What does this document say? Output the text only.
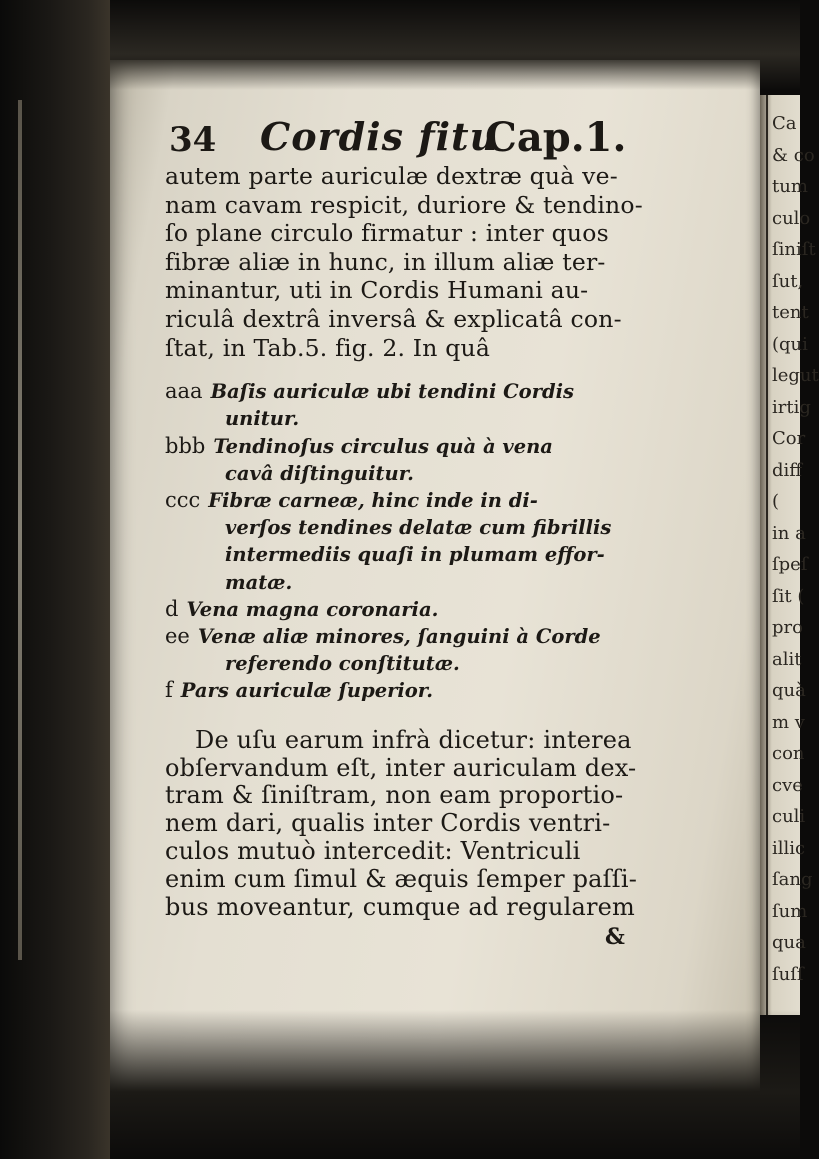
Ca
& co
tum
culo
ſiniſt
ſut,
tent
(qui
legut
irtig
Cor
diff
(
in a
ſpeſ
ſit (
pro
alit
quà
m v
con
cve
culi
illic
ſang
ſum
qua
ſuſſ
34 Cordis fitu
Cap.1.
autem parte auriculæ dextræ quà ve-
nam cavam respicit, duriore & tendino-
ſo plane circulo firmatur : inter quos
fibræ aliæ in hunc, in illum aliæ ter-
minantur, uti in Cordis Humani au-
riculâ dextrâ inversâ & explicatâ con-
ſtat, in Tab.5. fig. 2. In quâ
aaa Baſis auriculæ ubi tendini Cordis
unitur.
bbb Tendinoſus circulus quà à vena
cavâ diſtinguitur.
ccc Fibræ carneæ, hinc inde in di-
verſos tendines delatæ cum fibrillis
intermediis quaſi in plumam effor-
matæ.
d Vena magna coronaria.
ee Venæ aliæ minores, ſanguini à Corde
referendo conſtitutæ.
f Pars auriculæ ſuperior.
De uſu earum infrà dicetur: interea
obſervandum eſt, inter auriculam dex-
tram & ſiniſtram, non eam proportio-
nem dari, qualis inter Cordis ventri-
culos mutuò intercedit: Ventriculi
enim cum ſimul & æquis ſemper paſſi-
bus moveantur, cumque ad regularem
&
